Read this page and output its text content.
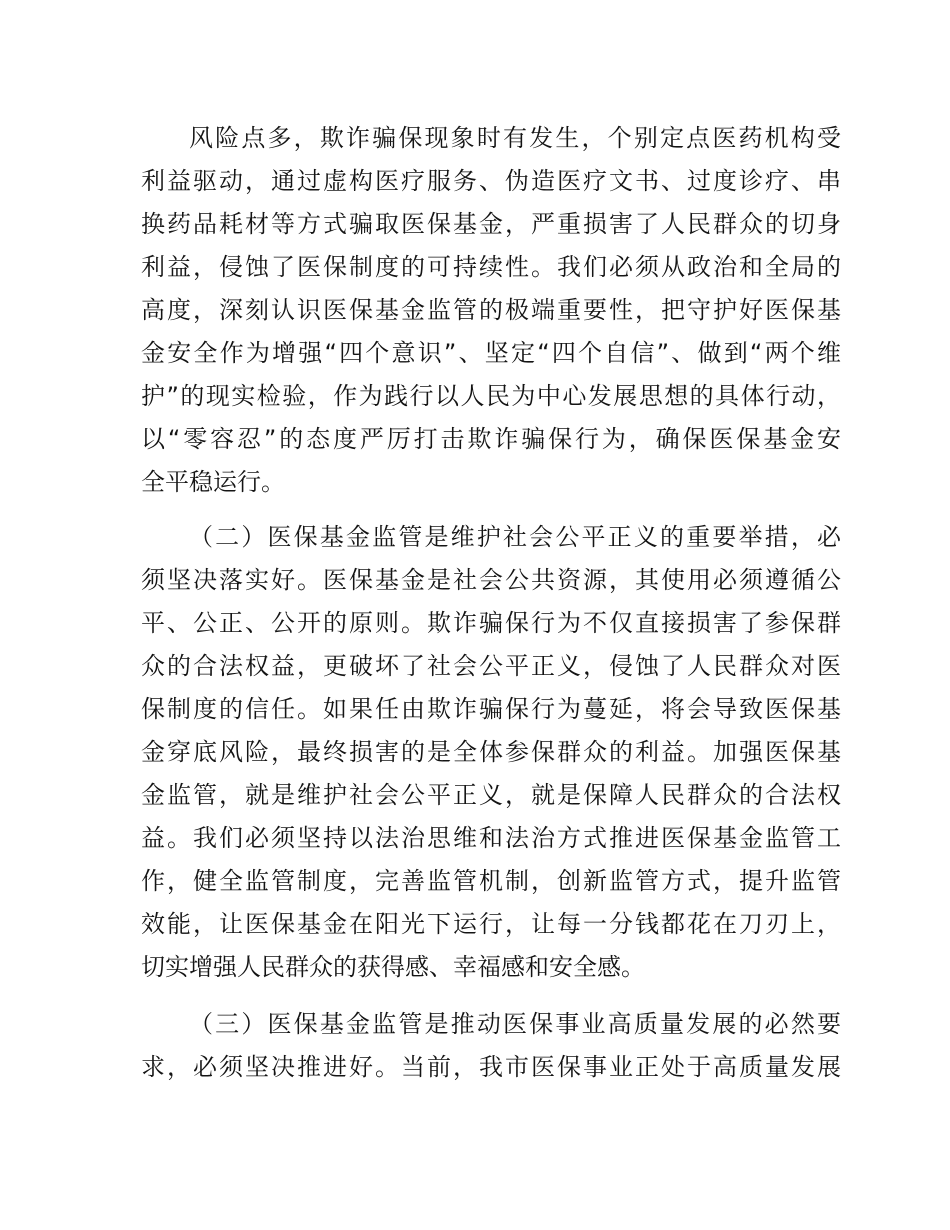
风险点多，欺诈骗保现象时有发生，个别定点医药机构受
利益驱动，通过虚构医疗服务、伪造医疗文书、过度诊疗、串
换药品耗材等方式骗取医保基金，严重损害了人民群众的切身
利益，侵蚀了医保制度的可持续性。我们必须从政治和全局的
高度，深刻认识医保基金监管的极端重要性，把守护好医保基
金安全作为增强“四个意识”、坚定“四个自信”、做到“两个维
护”的现实检验，作为践行以人民为中心发展思想的具体行动，
以“零容忍”的态度严厉打击欺诈骗保行为，确保医保基金安
全平稳运行。
（二）医保基金监管是维护社会公平正义的重要举措，必
须坚决落实好。医保基金是社会公共资源，其使用必须遵循公
平、公正、公开的原则。欺诈骗保行为不仅直接损害了参保群
众的合法权益，更破坏了社会公平正义，侵蚀了人民群众对医
保制度的信任。如果任由欺诈骗保行为蔓延，将会导致医保基
金穿底风险，最终损害的是全体参保群众的利益。加强医保基
金监管，就是维护社会公平正义，就是保障人民群众的合法权
益。我们必须坚持以法治思维和法治方式推进医保基金监管工
作，健全监管制度，完善监管机制，创新监管方式，提升监管
效能，让医保基金在阳光下运行，让每一分钱都花在刀刃上，
切实增强人民群众的获得感、幸福感和安全感。
（三）医保基金监管是推动医保事业高质量发展的必然要
求，必须坚决推进好。当前，我市医保事业正处于高质量发展
